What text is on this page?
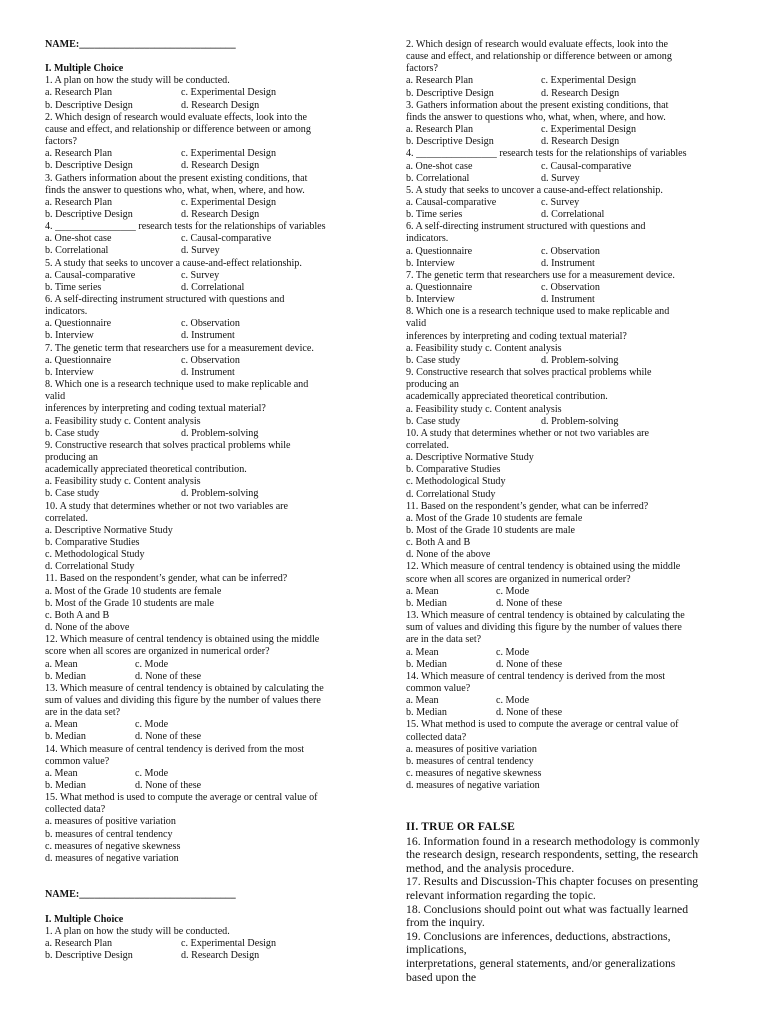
NAME:_______________________________
I. Multiple Choice
1. A plan on how the study will be conducted.
a. Research Plan	c. Experimental Design
b. Descriptive Design	d. Research Design
2. Which design of research would evaluate effects, look into the
cause and effect, and relationship or difference between or among
factors?
a. Research Plan	c. Experimental Design
b. Descriptive Design	d. Research Design
3. Gathers information about the present existing conditions, that
finds the answer to questions who, what, when, where, and how.
a. Research Plan	c. Experimental Design
b. Descriptive Design	d. Research Design
4. ________________ research tests for the relationships of variables
a. One-shot case	c. Causal-comparative
b. Correlational	d. Survey
5. A study that seeks to uncover a cause-and-effect relationship.
a. Causal-comparative	c. Survey
b. Time series	d. Correlational
6. A self-directing instrument structured with questions and
indicators.
a. Questionnaire	c. Observation
b. Interview	d. Instrument
7. The genetic term that researchers use for a measurement device.
a. Questionnaire	c. Observation
b. Interview	d. Instrument
8. Which one is a research technique used to make replicable and
valid
inferences by interpreting and coding textual material?
a. Feasibility study c. Content analysis
b. Case study	d. Problem-solving
9. Constructive research that solves practical problems while
producing an
academically appreciated theoretical contribution.
a. Feasibility study c. Content analysis
b. Case study	d. Problem-solving
10. A study that determines whether or not two variables are
correlated.
a. Descriptive Normative Study
b. Comparative Studies
c. Methodological Study
d. Correlational Study
11. Based on the respondent’s gender, what can be inferred?
a. Most of the Grade 10 students are female
b. Most of the Grade 10 students are male
c. Both A and B
d. None of the above
12. Which measure of central tendency is obtained using the middle
score when all scores are organized in numerical order?
a. Mean	c. Mode
b. Median	d. None of these
13. Which measure of central tendency is obtained by calculating the
sum of values and dividing this figure by the number of values there
are in the data set?
a. Mean	c. Mode
b. Median	d. None of these
14. Which measure of central tendency is derived from the most
common value?
a. Mean	c. Mode
b. Median	d. None of these
15. What method is used to compute the average or central value of
collected data?
a. measures of positive variation
b. measures of central tendency
c. measures of negative skewness
d. measures of negative variation
NAME:_______________________________
I. Multiple Choice
1. A plan on how the study will be conducted.
a. Research Plan	c. Experimental Design
b. Descriptive Design	d. Research Design
2. Which design of research would evaluate effects, look into the
cause and effect, and relationship or difference between or among
factors?
a. Research Plan	c. Experimental Design
b. Descriptive Design	d. Research Design
3. Gathers information about the present existing conditions, that
finds the answer to questions who, what, when, where, and how.
a. Research Plan	c. Experimental Design
b. Descriptive Design	d. Research Design
4. ________________ research tests for the relationships of variables
a. One-shot case	c. Causal-comparative
b. Correlational	d. Survey
5. A study that seeks to uncover a cause-and-effect relationship.
a. Causal-comparative	c. Survey
b. Time series	d. Correlational
6. A self-directing instrument structured with questions and
indicators.
a. Questionnaire	c. Observation
b. Interview	d. Instrument
7. The genetic term that researchers use for a measurement device.
a. Questionnaire	c. Observation
b. Interview	d. Instrument
8. Which one is a research technique used to make replicable and
valid
inferences by interpreting and coding textual material?
a. Feasibility study c. Content analysis
b. Case study	d. Problem-solving
9. Constructive research that solves practical problems while
producing an
academically appreciated theoretical contribution.
a. Feasibility study c. Content analysis
b. Case study	d. Problem-solving
10. A study that determines whether or not two variables are
correlated.
a. Descriptive Normative Study
b. Comparative Studies
c. Methodological Study
d. Correlational Study
11. Based on the respondent’s gender, what can be inferred?
a. Most of the Grade 10 students are female
b. Most of the Grade 10 students are male
c. Both A and B
d. None of the above
12. Which measure of central tendency is obtained using the middle
score when all scores are organized in numerical order?
a. Mean	c. Mode
b. Median	d. None of these
13. Which measure of central tendency is obtained by calculating the
sum of values and dividing this figure by the number of values there
are in the data set?
a. Mean	c. Mode
b. Median	d. None of these
14. Which measure of central tendency is derived from the most
common value?
a. Mean	c. Mode
b. Median	d. None of these
15. What method is used to compute the average or central value of
collected data?
a. measures of positive variation
b. measures of central tendency
c. measures of negative skewness
d. measures of negative variation
II. TRUE OR FALSE
16. Information found in a research methodology is commonly
the research design, research respondents, setting, the research
method, and the analysis procedure.
17. Results and Discussion-This chapter focuses on presenting
relevant information regarding the topic.
18. Conclusions should point out what was factually learned
from the inquiry.
19. Conclusions are inferences, deductions, abstractions,
implications,
interpretations, general statements, and/or generalizations
based upon the
